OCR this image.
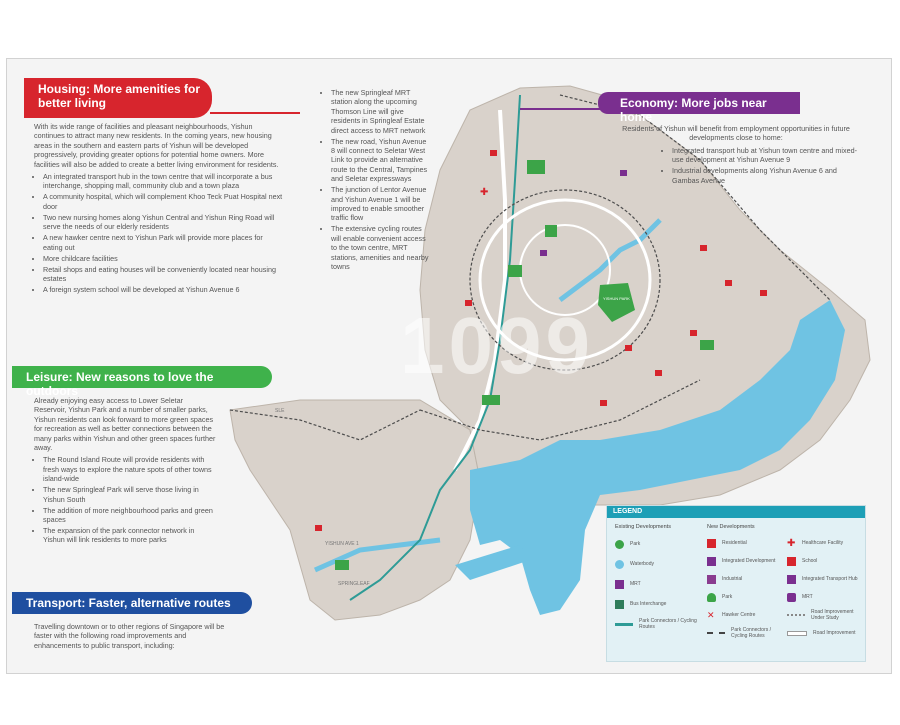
✚
YISHUN PARK
SPRINGLEAF
SLE
YISHUN AVE 1
1099
Housing: More amenities for better living

With its wide range of facilities and pleasant neighbourhoods, Yishun continues to attract many new residents. In the coming years, new housing areas in the southern and eastern parts of Yishun will be developed progressively, providing greater options for potential home owners. More facilities will also be added to create a better living environment for residents.

• An integrated transport hub in the town centre that will incorporate a bus interchange, shopping mall, community club and a town plaza
• A community hospital, which will complement Khoo Teck Puat Hospital next door
• Two new nursing homes along Yishun Central and Yishun Ring Road will serve the needs of our elderly residents
• A new hawker centre next to Yishun Park will provide more places for eating out
• More childcare facilities
• Retail shops and eating houses will be conveniently located near housing estates
• A foreign system school will be developed at Yishun Avenue 6
Leisure: New reasons to love the outdoors

Already enjoying easy access to Lower Seletar Reservoir, Yishun Park and a number of smaller parks, Yishun residents can look forward to more green spaces for recreation as well as better connections between the many parks within Yishun and other green spaces further away.

• The Round Island Route will provide residents with fresh ways to explore the nature spots of other towns island-wide
• The new Springleaf Park will serve those living in Yishun South
• The addition of more neighbourhood parks and green spaces
• The expansion of the park connector network in Yishun will link residents to more parks
Transport: Faster, alternative routes

Travelling downtown or to other regions of Singapore will be faster with the following road improvements and enhancements to public transport, including:

• The new Springleaf MRT station along the upcoming Thomson Line will give residents in Springleaf Estate direct access to MRT network
• The new road, Yishun Avenue 8 will connect to Seletar West Link to provide an alternative route to the Central, Tampines and Seletar expressways
• The junction of Lentor Avenue and Yishun Avenue 1 will be improved to enable smoother traffic flow
• The extensive cycling routes will enable convenient access to the town centre, MRT stations, amenities and nearby towns
Economy: More jobs near home

Residents of Yishun will benefit from employment opportunities in future developments close to home:

• Integrated transport hub at Yishun town centre and mixed-use development at Yishun Avenue 9
• Industrial developments along Yishun Avenue 6 and Gambas Avenue
LEGEND
Existing Developments	New Developments
Park
Waterbody
MRT
Bus Interchange
Park Connectors / Cycling Routes
Residential
Integrated Development
Industrial
Park
✕ Hawker Centre
Park Connectors / Cycling Routes
✚ Healthcare Facility
School
Integrated Transport Hub
MRT
Road Improvement Under Study
Road Improvement
